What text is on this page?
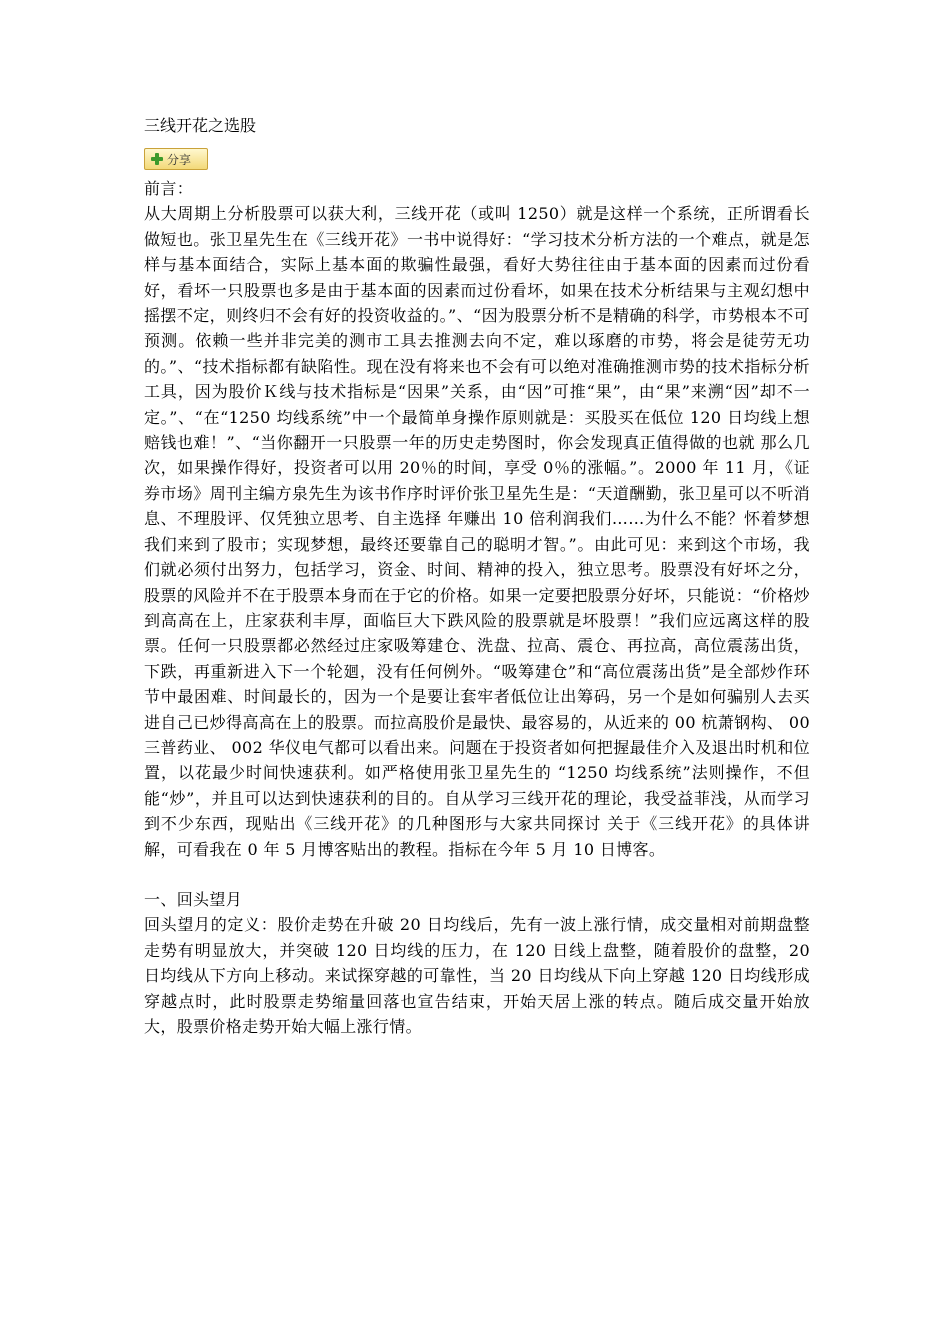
三线开花之选股
分享

前言：

从大周期上分析股票可以获大利，三线开花（或叫 1250）就是这样一个系统，正所谓看长做短也。张卫星先生在《三线开花》一书中说得好：“学习技术分析方法的一个难点，就是怎样与基本面结合，实际上基本面的欺骗性最强，看好大势往往由于基本面的因素而过份看好，看坏一只股票也多是由于基本面的因素而过份看坏，如果在技术分析结果与主观幻想中摇摆不定，则终归不会有好的投资收益的。”、“因为股票分析不是精确的科学，市势根本不可预测。依赖一些并非完美的测市工具去推测去向不定，难以琢磨的市势，将会是徒劳无功的。”、“技术指标都有缺陷性。现在没有将来也不会有可以绝对准确推测市势的技术指标分析工具，因为股价Ｋ线与技术指标是“因果”关系，由“因”可推“果”，由“果”来溯“因”却不一定。”、“在“1250 均线系统”中一个最简单身操作原则就是：买股买在低位 120 日均线上想赔钱也难！”、“当你翻开一只股票一年的历史走势图时，你会发现真正值得做的也就 那么几次，如果操作得好，投资者可以用 20％的时间，享受 0％的涨幅。”。2000 年 11 月，《证券市场》周刊主编方泉先生为该书作序时评价张卫星先生是：“天道酬勤，张卫星可以不听消息、不理股评、仅凭独立思考、自主选择 年赚出 10 倍利润我们……为什么不能？怀着梦想我们来到了股市；实现梦想，最终还要靠自己的聪明才智。”。由此可见：来到这个市场，我们就必须付出努力，包括学习，资金、时间、精神的投入，独立思考。股票没有好坏之分，股票的风险并不在于股票本身而在于它的价格。如果一定要把股票分好坏，只能说：“价格炒到高高在上，庄家获利丰厚，面临巨大下跌风险的股票就是坏股票！”我们应远离这样的股票。任何一只股票都必然经过庄家吸筹建仓、洗盘、拉高、震仓、再拉高，高位震荡出货，下跌，再重新进入下一个轮廻，没有任何例外。“吸筹建仓”和“高位震荡出货”是全部炒作环节中最困难、时间最长的，因为一个是要让套牢者低位让出筹码，另一个是如何骗别人去买进自己已炒得高高在上的股票。而拉高股价是最快、最容易的，从近来的 00 杭萧钢构、 00 三普药业、 002 华仪电气都可以看出来。问题在于投资者如何把握最佳介入及退出时机和位置，以花最少时间快速获利。如严格使用张卫星先生的 “1250 均线系统”法则操作，不但能“炒”，并且可以达到快速获利的目的。自从学习三线开花的理论，我受益菲浅，从而学习到不少东西，现贴出《三线开花》的几种图形与大家共同探讨 关于《三线开花》的具体讲解，可看我在 0 年 5 月博客贴出的教程。指标在今年 5 月 10 日博客。

一、回头望月

回头望月的定义：股价走势在升破 20 日均线后，先有一波上涨行情，成交量相对前期盘整走势有明显放大，并突破 120 日均线的压力，在 120 日线上盘整，随着股价的盘整，20 日均线从下方向上移动。来试探穿越的可靠性，当 20 日均线从下向上穿越 120 日均线形成穿越点时，此时股票走势缩量回落也宣告结束，开始天居上涨的转点。随后成交量开始放大，股票价格走势开始大幅上涨行情。
